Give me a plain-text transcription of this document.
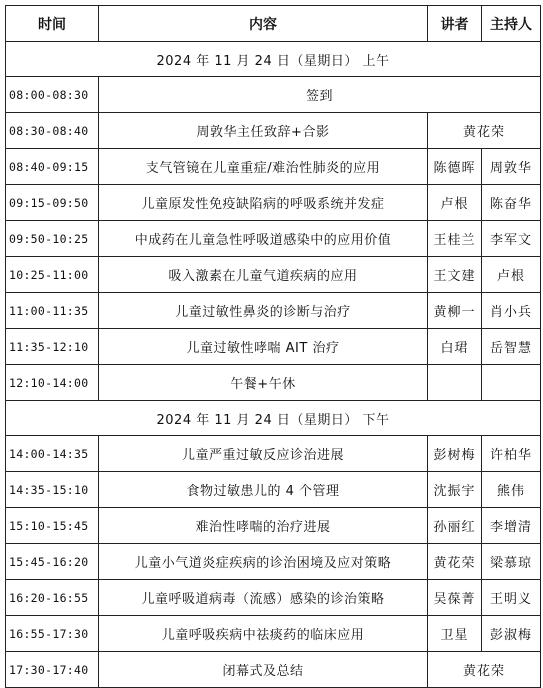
时间	内容	讲者	主持人
2024 年 11 月 24 日（星期日） 上午			
08:00-08:30	签到		
08:30-08:40	周敦华主任致辞+合影	黄花荣	
08:40-09:15	支气管镜在儿童重症/难治性肺炎的应用	陈德晖	周敦华
09:15-09:50	儿童原发性免疫缺陷病的呼吸系统并发症	卢根	陈奋华
09:50-10:25	中成药在儿童急性呼吸道感染中的应用价值	王桂兰	李军文
10:25-11:00	吸入激素在儿童气道疾病的应用	王文建	卢根
11:00-11:35	儿童过敏性鼻炎的诊断与治疗	黄柳一	肖小兵
11:35-12:10	儿童过敏性哮喘 AIT 治疗	白珺	岳智慧
12:10-14:00	午餐+午休		
2024 年 11 月 24 日（星期日） 下午			
14:00-14:35	儿童严重过敏反应诊治进展	彭树梅	许柏华
14:35-15:10	食物过敏患儿的 4 个管理	沈振宇	熊伟
15:10-15:45	难治性哮喘的治疗进展	孙丽红	李增清
15:45-16:20	儿童小气道炎症疾病的诊治困境及应对策略	黄花荣	梁慕琼
16:20-16:55	儿童呼吸道病毒（流感）感染的诊治策略	吴葆菁	王明义
16:55-17:30	儿童呼吸疾病中祛痰药的临床应用	卫星	彭淑梅
17:30-17:40	闭幕式及总结	黄花荣	
